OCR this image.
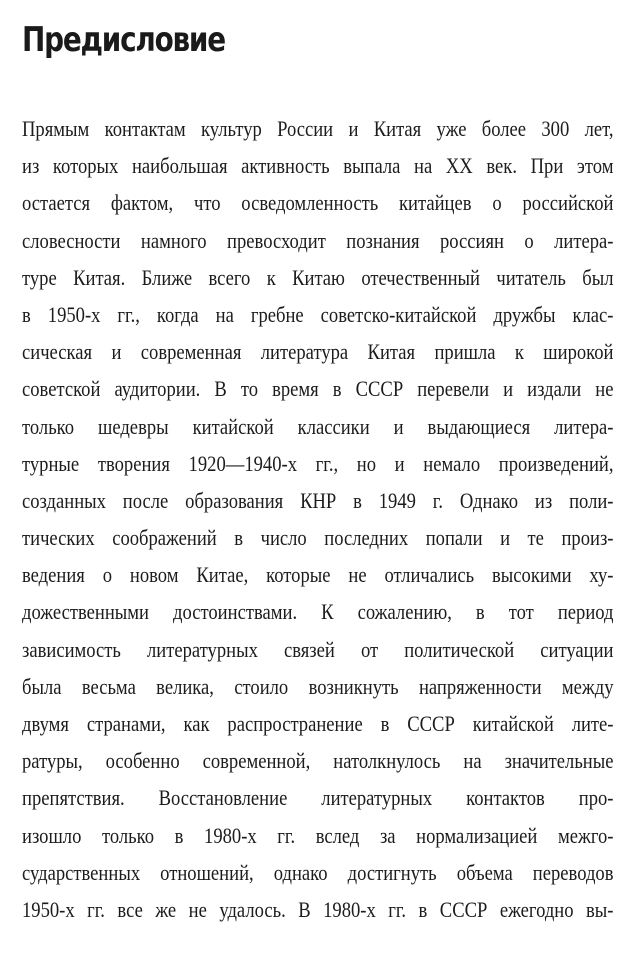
Предисловие
Прямым контактам культур России и Китая уже более 300 лет,
из которых наибольшая активность выпала на XX век. При этом
остается фактом, что осведомленность китайцев о российской
словесности намного превосходит познания россиян о литера-
туре Китая. Ближе всего к Китаю отечественный читатель был
в 1950-х гг., когда на гребне советско-китайской дружбы клас-
сическая и современная литература Китая пришла к широкой
советской аудитории. В то время в СССР перевели и издали не
только шедевры китайской классики и выдающиеся литера-
турные творения 1920—1940-х гг., но и немало произведений,
созданных после образования КНР в 1949 г. Однако из поли-
тических соображений в число последних попали и те произ-
ведения о новом Китае, которые не отличались высокими ху-
дожественными достоинствами. К сожалению, в тот период
зависимость литературных связей от политической ситуации
была весьма велика, стоило возникнуть напряженности между
двумя странами, как распространение в СССР китайской лите-
ратуры, особенно современной, натолкнулось на значительные
препятствия. Восстановление литературных контактов про-
изошло только в 1980-х гг. вслед за нормализацией межго-
сударственных отношений, однако достигнуть объема переводов
1950-х гг. все же не удалось. В 1980-х гг. в СССР ежегодно вы-
